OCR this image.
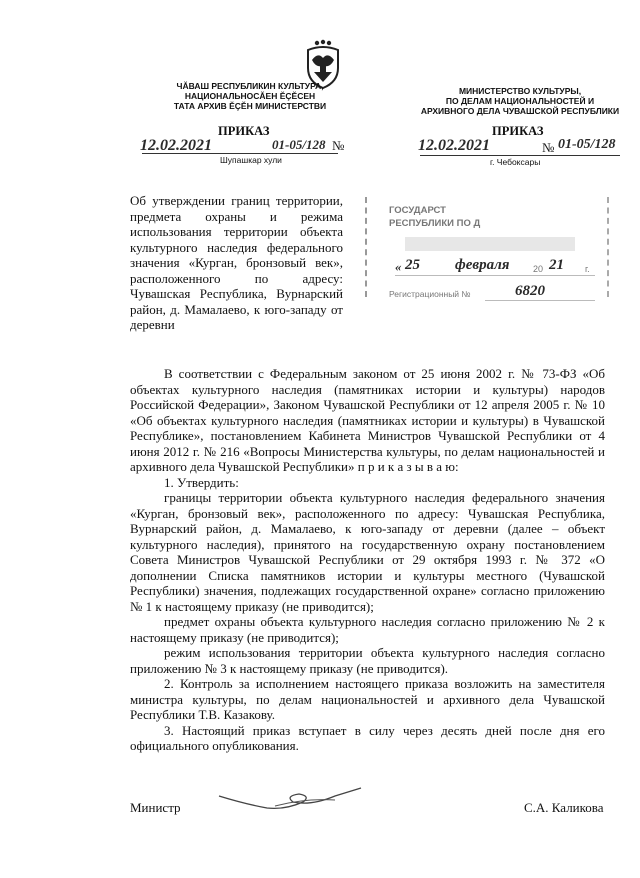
ЧĂВАШ РЕСПУБЛИКИН КУЛЬТУРА,
НАЦИОНАЛЬНОСĂЕН ĔÇĔСЕН
ТАТА АРХИВ ĔÇĔН МИНИСТЕРСТВИ
ПРИКАЗ
12.02.2021	01-05/128 №
Шупашкар хули
МИНИСТЕРСТВО КУЛЬТУРЫ,
ПО ДЕЛАМ НАЦИОНАЛЬНОСТЕЙ И
АРХИВНОГО ДЕЛА ЧУВАШСКОЙ РЕСПУБЛИКИ
ПРИКАЗ
12.02.2021	№ 01-05/128
г. Чебоксары
Об утверждении границ территории, предмета охраны и режима использования территории объекта культурного наследия федерального значения «Курган, бронзовый век», расположенного по адресу: Чувашская Республика, Вурнарский район, д. Мамалаево, к юго-западу от деревни
ГОСУДАРСТ
РЕСПУБЛИКИ ПО Д
« 25 февраля	20 21 г.
Регистрационный №	6820

В соответствии с Федеральным законом от 25 июня 2002 г. № 73-ФЗ «Об объектах культурного наследия (памятниках истории и культуры) народов Российской Федерации», Законом Чувашской Республики от 12 апреля 2005 г. № 10 «Об объектах культурного наследия (памятниках истории и культуры) в Чувашской Республике», постановлением Кабинета Министров Чувашской Республики от 4 июня 2012 г. № 216 «Вопросы Министерства культуры, по делам национальностей и архивного дела Чувашской Республики» п р и к а з ы в а ю:

1. Утвердить:

границы территории объекта культурного наследия федерального значения «Курган, бронзовый век», расположенного по адресу: Чувашская Республика, Вурнарский район, д. Мамалаево, к юго-западу от деревни (далее – объект культурного наследия), принятого на государственную охрану постановлением Совета Министров Чувашской Республики от 29 октября 1993 г. № 372 «О дополнении Списка памятников истории и культуры местного (Чувашской Республики) значения, подлежащих государственной охране» согласно приложению № 1 к настоящему приказу (не приводится);

предмет охраны объекта культурного наследия согласно приложению № 2 к настоящему приказу (не приводится);

режим использования территории объекта культурного наследия согласно приложению № 3 к настоящему приказу (не приводится).

2. Контроль за исполнением настоящего приказа возложить на заместителя министра культуры, по делам национальностей и архивного дела Чувашской Республики Т.В. Казакову.

3. Настоящий приказ вступает в силу через десять дней после дня его официального опубликования.

Министр	С.А. Каликова
